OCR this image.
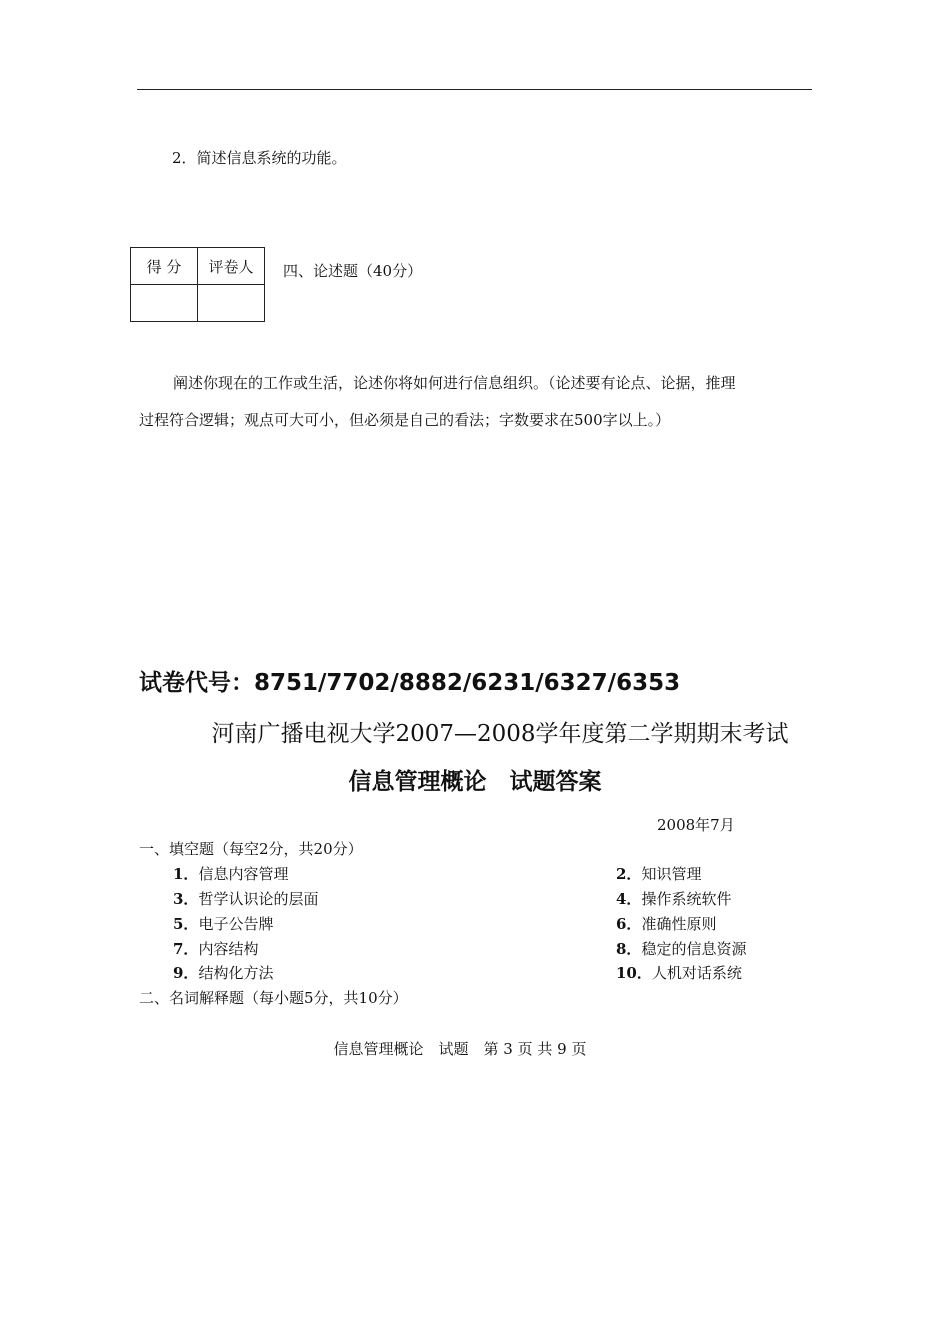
2．简述信息系统的功能。
得 分	评卷人
	四、论述题（40分）
阐述你现在的工作或生活，论述你将如何进行信息组织。（论述要有论点、论据，推理
过程符合逻辑；观点可大可小，但必须是自己的看法；字数要求在500字以上。）
试卷代号：8751/7702/8882/6231/6327/6353
河南广播电视大学2007—2008学年度第二学期期末考试
信息管理概论　试题答案
2008年7月
一、填空题（每空2分，共20分）
1．信息内容管理	2．知识管理
3．哲学认识论的层面	4．操作系统软件
5．电子公告牌	6．准确性原则
7．内容结构	8．稳定的信息资源
9．结构化方法	10．人机对话系统
二、名词解释题（每小题5分，共10分）
信息管理概论　试题　第 3 页 共 9 页
